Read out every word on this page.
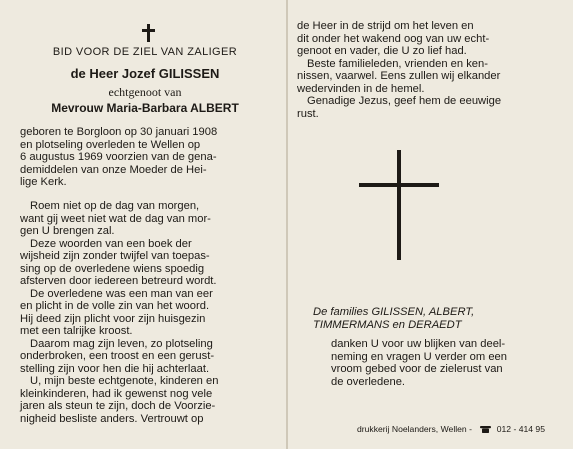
BID VOOR DE ZIEL VAN ZALIGER
de Heer Jozef GILISSEN
echtgenoot van
Mevrouw Maria-Barbara ALBERT
geboren te Borgloon op 30 januari 1908
en plotseling overleden te Wellen op
6 augustus 1969 voorzien van de gena-
demiddelen van onze Moeder de Hei-
lige Kerk.
Roem niet op de dag van morgen,
want gij weet niet wat de dag van mor-
gen U brengen zal.
Deze woorden van een boek der
wijsheid zijn zonder twijfel van toepas-
sing op de overledene wiens spoedig
afsterven door iedereen betreurd wordt.
De overledene was een man van eer
en plicht in de volle zin van het woord.
Hij deed zijn plicht voor zijn huisgezin
met een talrijke kroost.
Daarom mag zijn leven, zo plotseling
onderbroken, een troost en een gerust-
stelling zijn voor hen die hij achterlaat.
U, mijn beste echtgenote, kinderen en
kleinkinderen, had ik gewenst nog vele
jaren als steun te zijn, doch de Voorzie-
nigheid besliste anders. Vertrouwt op
de Heer in de strijd om het leven en
dit onder het wakend oog van uw echt-
genoot en vader, die U zo lief had.
Beste familieleden, vrienden en ken-
nissen, vaarwel. Eens zullen wij elkander
wedervinden in de hemel.
Genadige Jezus, geef hem de eeuwige
rust.
De families GILISSEN, ALBERT,
TIMMERMANS en DERAEDT
danken U voor uw blijken van deel-
neming en vragen U verder om een
vroom gebed voor de zielerust van
de overledene.
drukkerij Noelanders, Wellen -	012 - 414 95
